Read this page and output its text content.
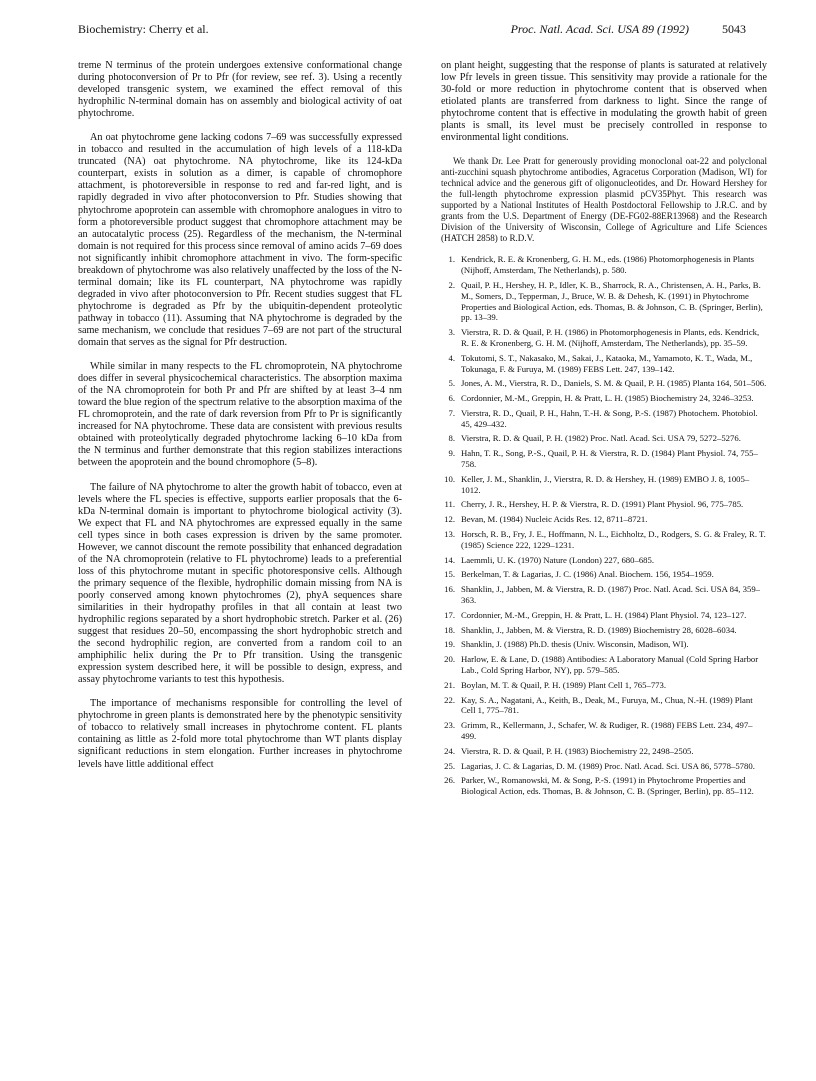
Biochemistry: Cherry et al.	Proc. Natl. Acad. Sci. USA 89 (1992)	5043

treme N terminus of the protein undergoes extensive conformational change during photoconversion of Pr to Pfr (for review, see ref. 3). Using a recently developed transgenic system, we examined the effect removal of this hydrophilic N-terminal domain has on assembly and biological activity of oat phytochrome.

An oat phytochrome gene lacking codons 7–69 was successfully expressed in tobacco and resulted in the accumulation of high levels of a 118-kDa truncated (NA) oat phytochrome. NA phytochrome, like its 124-kDa counterpart, exists in solution as a dimer, is capable of chromophore attachment, is photoreversible in response to red and far-red light, and is rapidly degraded in vivo after photoconversion to Pfr. Studies showing that phytochrome apoprotein can assemble with chromophore analogues in vitro to form a photoreversible product suggest that chromophore attachment may be an autocatalytic process (25). Regardless of the mechanism, the N-terminal domain is not required for this process since removal of amino acids 7–69 does not significantly inhibit chromophore attachment in vivo. The form-specific breakdown of phytochrome was also relatively unaffected by the loss of the N-terminal domain; like its FL counterpart, NA phytochrome was rapidly degraded in vivo after photoconversion to Pfr. Recent studies suggest that FL phytochrome is degraded as Pfr by the ubiquitin-dependent proteolytic pathway in tobacco (11). Assuming that NA phytochrome is degraded by the same mechanism, we conclude that residues 7–69 are not part of the structural domain that serves as the signal for Pfr destruction.

While similar in many respects to the FL chromoprotein, NA phytochrome does differ in several physicochemical characteristics. The absorption maxima of the NA chromoprotein for both Pr and Pfr are shifted by at least 3–4 nm toward the blue region of the spectrum relative to the absorption maxima of the FL chromoprotein, and the rate of dark reversion from Pfr to Pr is significantly increased for NA phytochrome. These data are consistent with previous results obtained with proteolytically degraded phytochrome lacking 6–10 kDa from the N terminus and further demonstrate that this region stabilizes interactions between the apoprotein and the bound chromophore (5–8).

The failure of NA phytochrome to alter the growth habit of tobacco, even at levels where the FL species is effective, supports earlier proposals that the 6-kDa N-terminal domain is important to phytochrome biological activity (3). We expect that FL and NA phytochromes are expressed equally in the same cell types since in both cases expression is driven by the same promoter. However, we cannot discount the remote possibility that enhanced degradation of the NA chromoprotein (relative to FL phytochrome) leads to a preferential loss of this phytochrome mutant in specific photoresponsive cells. Although the primary sequence of the flexible, hydrophilic domain missing from NA is poorly conserved among known phytochromes (2), phyA sequences share similarities in their hydropathy profiles in that all contain at least two hydrophilic regions separated by a short hydrophobic stretch. Parker et al. (26) suggest that residues 20–50, encompassing the short hydrophobic stretch and the second hydrophilic region, are converted from a random coil to an amphiphilic helix during the Pr to Pfr transition. Using the transgenic expression system described here, it will be possible to design, express, and assay phytochrome variants to test this hypothesis.

The importance of mechanisms responsible for controlling the level of phytochrome in green plants is demonstrated here by the phenotypic sensitivity of tobacco to relatively small increases in phytochrome content. FL plants containing as little as 2-fold more total phytochrome than WT plants display significant reductions in stem elongation. Further increases in phytochrome levels have little additional effect

on plant height, suggesting that the response of plants is saturated at relatively low Pfr levels in green tissue. This sensitivity may provide a rationale for the 30-fold or more reduction in phytochrome content that is observed when etiolated plants are transferred from darkness to light. Since the range of phytochrome content that is effective in modulating the growth habit of green plants is small, its level must be precisely controlled in response to environmental light conditions.

We thank Dr. Lee Pratt for generously providing monoclonal oat-22 and polyclonal anti-zucchini squash phytochrome antibodies, Agracetus Corporation (Madison, WI) for technical advice and the generous gift of oligonucleotides, and Dr. Howard Hershey for the full-length phytochrome expression plasmid pCV35Phyt. This research was supported by a National Institutes of Health Postdoctoral Fellowship to J.R.C. and by grants from the U.S. Department of Energy (DE-FG02-88ER13968) and the Research Division of the University of Wisconsin, College of Agriculture and Life Sciences (HATCH 2858) to R.D.V.

1. Kendrick, R. E. & Kronenberg, G. H. M., eds. (1986) Photomorphogenesis in Plants (Nijhoff, Amsterdam, The Netherlands), p. 580.
2. Quail, P. H., Hershey, H. P., Idler, K. B., Sharrock, R. A., Christensen, A. H., Parks, B. M., Somers, D., Tepperman, J., Bruce, W. B. & Dehesh, K. (1991) in Phytochrome Properties and Biological Action, eds. Thomas, B. & Johnson, C. B. (Springer, Berlin), pp. 13–39.
3. Vierstra, R. D. & Quail, P. H. (1986) in Photomorphogenesis in Plants, eds. Kendrick, R. E. & Kronenberg, G. H. M. (Nijhoff, Amsterdam, The Netherlands), pp. 35–59.
4. Tokutomi, S. T., Nakasako, M., Sakai, J., Kataoka, M., Yamamoto, K. T., Wada, M., Tokunaga, F. & Furuya, M. (1989) FEBS Lett. 247, 139–142.
5. Jones, A. M., Vierstra, R. D., Daniels, S. M. & Quail, P. H. (1985) Planta 164, 501–506.
6. Cordonnier, M.-M., Greppin, H. & Pratt, L. H. (1985) Biochemistry 24, 3246–3253.
7. Vierstra, R. D., Quail, P. H., Hahn, T.-H. & Song, P.-S. (1987) Photochem. Photobiol. 45, 429–432.
8. Vierstra, R. D. & Quail, P. H. (1982) Proc. Natl. Acad. Sci. USA 79, 5272–5276.
9. Hahn, T. R., Song, P.-S., Quail, P. H. & Vierstra, R. D. (1984) Plant Physiol. 74, 755–758.
10. Keller, J. M., Shanklin, J., Vierstra, R. D. & Hershey, H. (1989) EMBO J. 8, 1005–1012.
11. Cherry, J. R., Hershey, H. P. & Vierstra, R. D. (1991) Plant Physiol. 96, 775–785.
12. Bevan, M. (1984) Nucleic Acids Res. 12, 8711–8721.
13. Horsch, R. B., Fry, J. E., Hoffmann, N. L., Eichholtz, D., Rodgers, S. G. & Fraley, R. T. (1985) Science 222, 1229–1231.
14. Laemmli, U. K. (1970) Nature (London) 227, 680–685.
15. Berkelman, T. & Lagarias, J. C. (1986) Anal. Biochem. 156, 1954–1959.
16. Shanklin, J., Jabben, M. & Vierstra, R. D. (1987) Proc. Natl. Acad. Sci. USA 84, 359–363.
17. Cordonnier, M.-M., Greppin, H. & Pratt, L. H. (1984) Plant Physiol. 74, 123–127.
18. Shanklin, J., Jabben, M. & Vierstra, R. D. (1989) Biochemistry 28, 6028–6034.
19. Shanklin, J. (1988) Ph.D. thesis (Univ. Wisconsin, Madison, WI).
20. Harlow, E. & Lane, D. (1988) Antibodies: A Laboratory Manual (Cold Spring Harbor Lab., Cold Spring Harbor, NY), pp. 579–585.
21. Boylan, M. T. & Quail, P. H. (1989) Plant Cell 1, 765–773.
22. Kay, S. A., Nagatani, A., Keith, B., Deak, M., Furuya, M., Chua, N.-H. (1989) Plant Cell 1, 775–781.
23. Grimm, R., Kellermann, J., Schafer, W. & Rudiger, R. (1988) FEBS Lett. 234, 497–499.
24. Vierstra, R. D. & Quail, P. H. (1983) Biochemistry 22, 2498–2505.
25. Lagarias, J. C. & Lagarias, D. M. (1989) Proc. Natl. Acad. Sci. USA 86, 5778–5780.
26. Parker, W., Romanowski, M. & Song, P.-S. (1991) in Phytochrome Properties and Biological Action, eds. Thomas, B. & Johnson, C. B. (Springer, Berlin), pp. 85–112.
